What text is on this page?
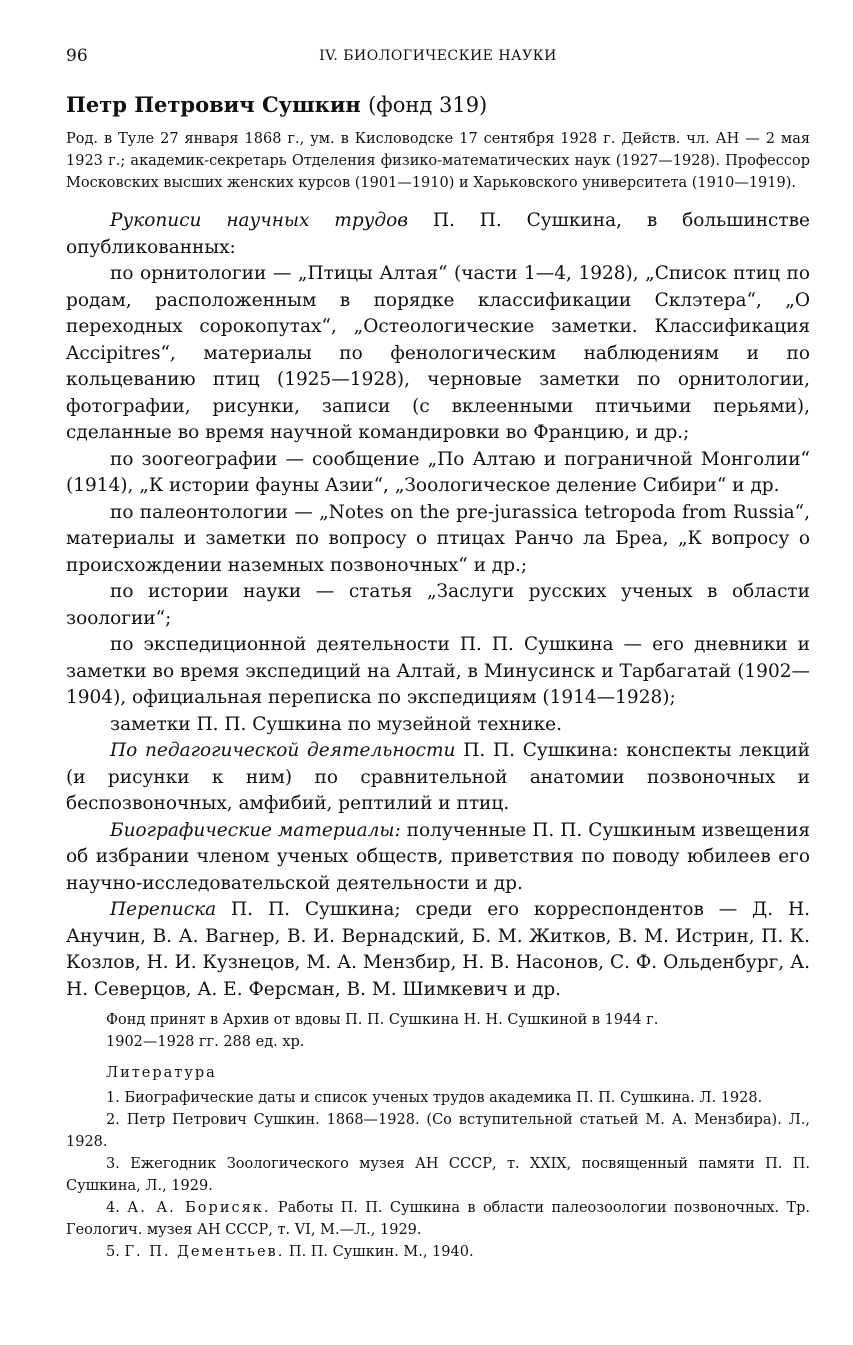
96	IV. БИОЛОГИЧЕСКИЕ НАУКИ
Петр Петрович Сушкин (фонд 319)

Род. в Туле 27 января 1868 г., ум. в Кисловодске 17 сентября 1928 г. Действ. чл. АН — 2 мая 1923 г.; академик-секретарь Отделения физико-математических наук (1927—1928). Профессор Московских высших женских курсов (1901—1910) и Харьковского университета (1910—1919).

Рукописи научных трудов П. П. Сушкина, в большинстве опубликованных:

по орнитологии — „Птицы Алтая“ (части 1—4, 1928), „Список птиц по родам, расположенным в порядке классификации Склэтера“, „О переходных сорокопутах“, „Остеологические заметки. Классификация Accipitres“, материалы по фенологическим наблюдениям и по кольцеванию птиц (1925—1928), черновые заметки по орнитологии, фотографии, рисунки, записи (с вклеенными птичьими перьями), сделанные во время научной командировки во Францию, и др.;

по зоогеографии — сообщение „По Алтаю и пограничной Монголии“ (1914), „К истории фауны Азии“, „Зоологическое деление Сибири“ и др.

по палеонтологии — „Notes on the pre-jurassica tetropoda from Russia“, материалы и заметки по вопросу о птицах Ранчо ла Бреа, „К вопросу о происхождении наземных позвоночных“ и др.;

по истории науки — статья „Заслуги русских ученых в области зоологии“;

по экспедиционной деятельности П. П. Сушкина — его дневники и заметки во время экспедиций на Алтай, в Минусинск и Тарбагатай (1902—1904), официальная переписка по экспедициям (1914—1928);

заметки П. П. Сушкина по музейной технике.

По педагогической деятельности П. П. Сушкина: конспекты лекций (и рисунки к ним) по сравнительной анатомии позвоночных и беспозвоночных, амфибий, рептилий и птиц.

Биографические материалы: полученные П. П. Сушкиным извещения об избрании членом ученых обществ, приветствия по поводу юбилеев его научно-исследовательской деятельности и др.

Переписка П. П. Сушкина; среди его корреспондентов — Д. Н. Анучин, В. А. Вагнер, В. И. Вернадский, Б. М. Житков, В. М. Истрин, П. К. Козлов, Н. И. Кузнецов, М. А. Мензбир, Н. В. Насонов, С. Ф. Ольденбург, А. Н. Северцов, А. Е. Ферсман, В. М. Шимкевич и др.

Фонд принят в Архив от вдовы П. П. Сушкина Н. Н. Сушкиной в 1944 г.

1902—1928 гг. 288 ед. хр.

Литература

1. Биографические даты и список ученых трудов академика П. П. Сушкина. Л. 1928.

2. Петр Петрович Сушкин. 1868—1928. (Со вступительной статьей М. А. Мензбира). Л., 1928.

3. Ежегодник Зоологического музея АН СССР, т. XXIX, посвященный памяти П. П. Сушкина, Л., 1929.

4. А. А. Борисяк. Работы П. П. Сушкина в области палеозоологии позвоночных. Тр. Геологич. музея АН СССР, т. VI, М.—Л., 1929.

5. Г. П. Дементьев. П. П. Сушкин. М., 1940.
